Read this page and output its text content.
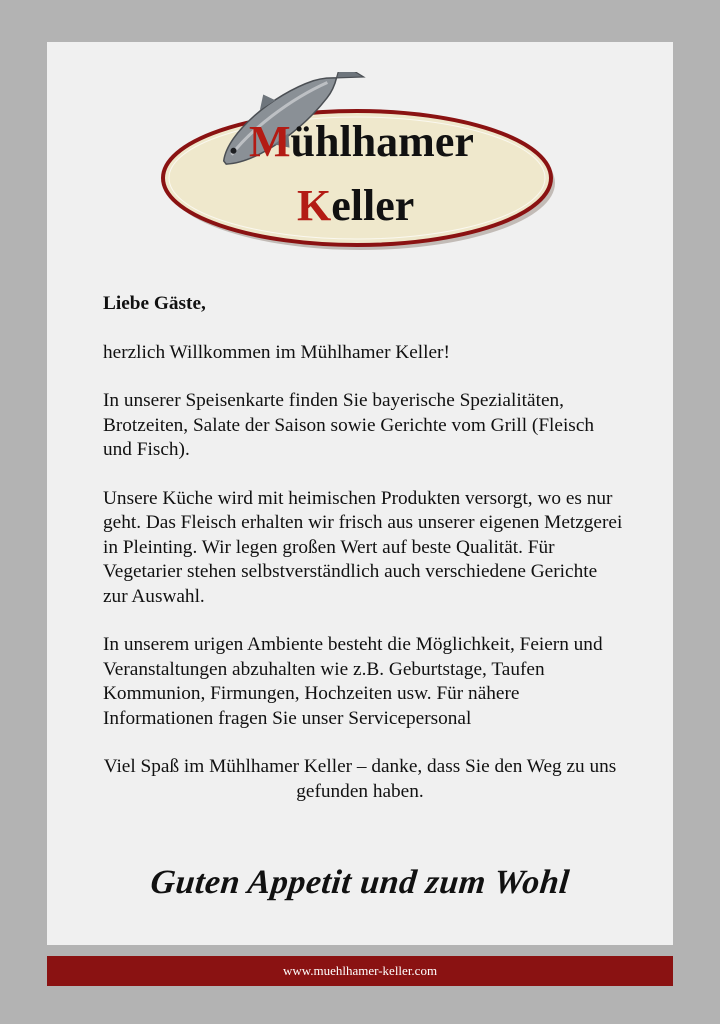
Mühlhamer
Keller

Liebe Gäste,

herzlich Willkommen im Mühlhamer Keller!

In unserer Speisenkarte finden Sie bayerische Spezialitäten, Brotzeiten, Salate der Saison sowie Gerichte vom Grill (Fleisch und Fisch).

Unsere Küche wird mit heimischen Produkten versorgt, wo es nur geht. Das Fleisch erhalten wir frisch aus unserer eigenen Metzgerei in Pleinting. Wir legen großen Wert auf beste Qualität. Für Vegetarier stehen selbstverständlich auch verschiedene Gerichte zur Auswahl.

In unserem urigen Ambiente besteht die Möglichkeit, Feiern und Veranstaltungen abzuhalten wie z.B. Geburtstage, Taufen Kommunion, Firmungen, Hochzeiten usw. Für nähere Informationen fragen Sie unser Servicepersonal

Viel Spaß im Mühlhamer Keller – danke, dass Sie den Weg zu uns gefunden haben.

Guten Appetit und zum Wohl
www.muehlhamer-keller.com
